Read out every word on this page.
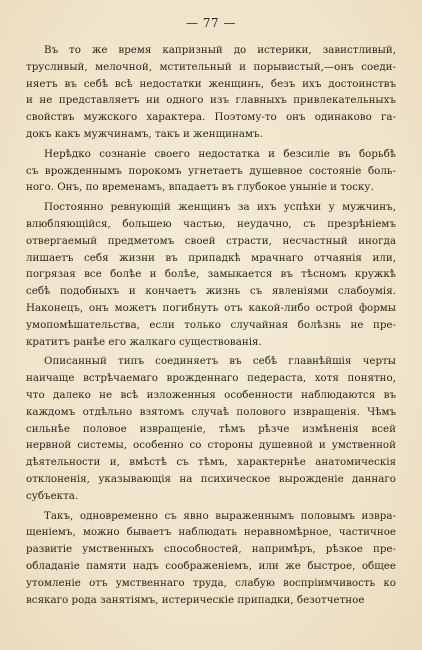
— 77 —
Въ то же время капризный до истерики, завистливый,
трусливый, мелочной, мстительный и порывистый,—онъ соеди-
няетъ въ себѣ всѣ недостатки женщинъ, безъ ихъ достоинствъ
и не представляетъ ни одного изъ главныхъ привлекательныхъ
свойствъ мужского характера. Поэтому-то онъ одинаково га-
докъ какъ мужчинамъ, такъ и женщинамъ.
Нерѣдко сознаніе своего недостатка и безсиліе въ борьбѣ
съ врожденнымъ порокомъ угнетаетъ душевное состояніе боль-
ного. Онъ, по временамъ, впадаетъ въ глубокое уныніе и тоску.
Постоянно ревнующій женщинъ за ихъ успѣхи у мужчинъ,
влюбляющійся, большею частью, неудачно, съ презрѣніемъ
отвергаемый предметомъ своей страсти, несчастный иногда
лишаетъ себя жизни въ припадкѣ мрачнаго отчаянія или,
погрязая все болѣе и болѣе, замыкается въ тѣсномъ кружкѣ
себѣ подобныхъ и кончаетъ жизнь съ явленіями слабоумія.
Наконецъ, онъ можетъ погибнуть отъ какой-либо острой формы
умопомѣшательства, если только случайная болѣзнь не пре-
кратитъ ранѣе его жалкаго существованія.
Описанный типъ соединяетъ въ себѣ главнѣйшія черты
наичаще встрѣчаемаго врожденнаго педераста, хотя понятно,
что далеко не всѣ изложенныя особенности наблюдаются въ
каждомъ отдѣльно взятомъ случаѣ полового извращенія. Чѣмъ
сильнѣе половое извращеніе, тѣмъ рѣзче измѣненія всей
нервной системы, особенно со стороны душевной и умственной
дѣятельности и, вмѣстѣ съ тѣмъ, характернѣе анатомическія
отклоненія, указывающія на психическое вырожденіе даннаго
субъекта.
Такъ, одновременно съ явно выраженнымъ половымъ извра-
щеніемъ, можно бываетъ наблюдать неравномѣрное, частичное
развитіе умственныхъ способностей, напримѣръ, рѣзкое пре-
обладаніе памяти надъ соображеніемъ, или же быстрое, общее
утомленіе отъ умственнаго труда, слабую воспріимчивость ко
всякаго рода занятіямъ, истерическіе припадки, безотчетное
